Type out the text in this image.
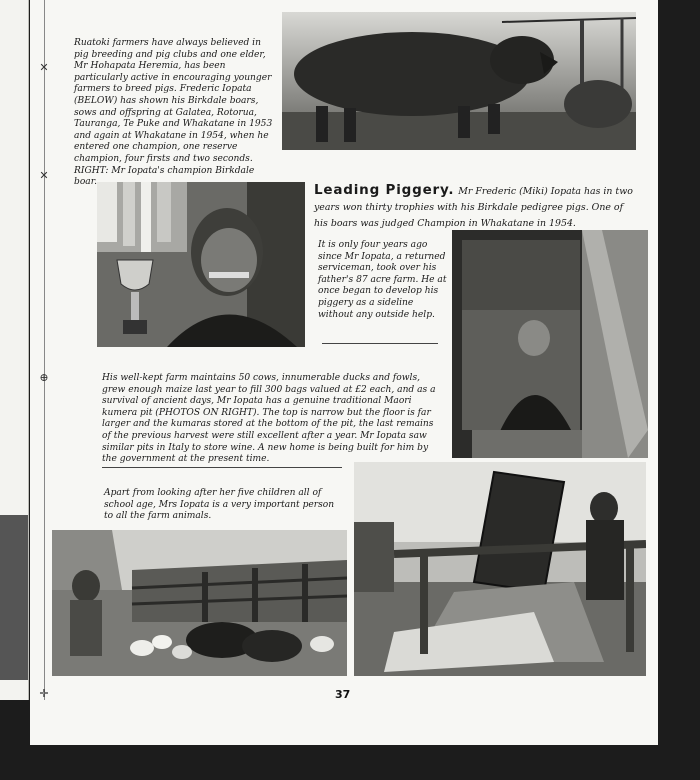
✕
✕
⊕
✛

Ruatoki farmers have always believed in pig breeding and pig clubs and one elder, Mr Hohapata Heremia, has been particularly active in encouraging younger farmers to breed pigs. Frederic Iopata (BELOW) has shown his Birkdale boars, sows and offspring at Galatea, Rotorua, Tauranga, Te Puke and Whakatane in 1953 and again at Whakatane in 1954, when he entered one champion, one reserve champion, four firsts and two seconds. RIGHT: Mr Iopata's champion Birkdale boar.	Leading Piggery. Mr Frederic (Miki) Iopata has in two years won thirty trophies with his Birkdale pedigree pigs. One of his boars was judged Champion in Whakatane in 1954.

It is only four years ago since Mr Iopata, a returned serviceman, took over his father's 87 acre farm. He at once began to develop his piggery as a sideline without any outside help.

His well-kept farm maintains 50 cows, innumerable ducks and fowls, grew enough maize last year to fill 300 bags valued at £2 each, and as a survival of ancient days, Mr Iopata has a genuine traditional Maori kumera pit (PHOTOS ON RIGHT). The top is narrow but the floor is far larger and the kumaras stored at the bottom of the pit, the last remains of the previous harvest were still excellent after a year. Mr Iopata saw similar pits in Italy to store wine. A new home is being built for him by the government at the present time.

Apart from looking after her five children all of school age, Mrs Iopata is a very important person to all the farm animals.

37
